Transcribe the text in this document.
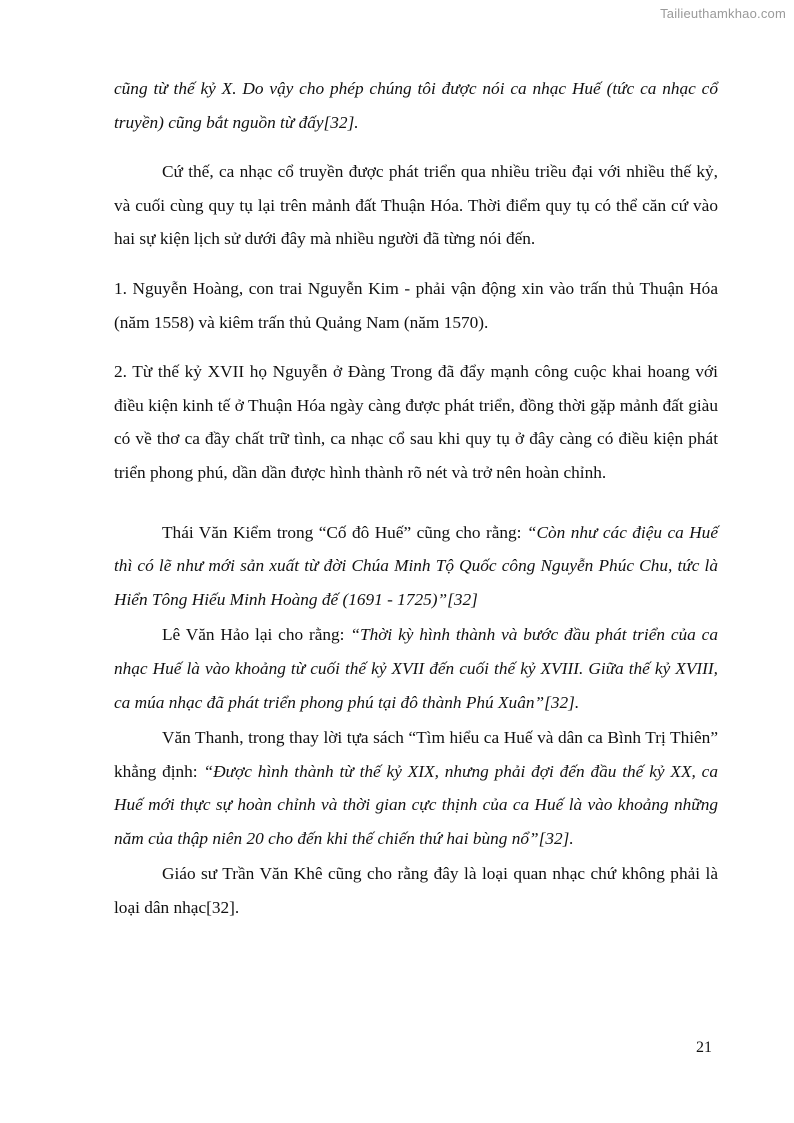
Tailieuthamkhao.com

cũng từ thế kỷ X. Do vậy cho phép chúng tôi được nói ca nhạc Huế (tức ca nhạc cổ truyền) cũng bắt nguồn từ đấy[32].

Cứ thế, ca nhạc cổ truyền được phát triển qua nhiều triều đại với nhiều thế kỷ, và cuối cùng quy tụ lại trên mảnh đất Thuận Hóa. Thời điểm quy tụ có thể căn cứ vào hai sự kiện lịch sử dưới đây mà nhiều người đã từng nói đến.

1. Nguyễn Hoàng, con trai Nguyễn Kim - phải vận động xin vào trấn thủ Thuận Hóa (năm 1558) và kiêm trấn thủ Quảng Nam (năm 1570).

2. Từ thế kỷ XVII họ Nguyễn ở Đàng Trong đã đẩy mạnh công cuộc khai hoang với điều kiện kinh tế ở Thuận Hóa ngày càng được phát triển, đồng thời gặp mảnh đất giàu có về thơ ca đầy chất trữ tình, ca nhạc cổ sau khi quy tụ ở đây càng có điều kiện phát triển phong phú, dần dần được hình thành rõ nét và trở nên hoàn chỉnh.

Thái Văn Kiểm trong “Cố đô Huế” cũng cho rằng: “Còn như các điệu ca Huế thì có lẽ như mới sản xuất từ đời Chúa Minh Tộ Quốc công Nguyễn Phúc Chu, tức là Hiển Tông Hiếu Minh Hoàng đế (1691 - 1725)”[32]

Lê Văn Hảo lại cho rằng: “Thời kỳ hình thành và bước đầu phát triển của ca nhạc Huế là vào khoảng từ cuối thế kỷ XVII đến cuối thế kỷ XVIII. Giữa thế kỷ XVIII, ca múa nhạc đã phát triển phong phú tại đô thành Phú Xuân”[32].

Văn Thanh, trong thay lời tựa sách “Tìm hiểu ca Huế và dân ca Bình Trị Thiên” khẳng định: “Được hình thành từ thế kỷ XIX, nhưng phải đợi đến đầu thế kỷ XX, ca Huế mới thực sự hoàn chỉnh và thời gian cực thịnh của ca Huế là vào khoảng những năm của thập niên 20 cho đến khi thế chiến thứ hai bùng nổ”[32].

Giáo sư Trần Văn Khê cũng cho rằng đây là loại quan nhạc chứ không phải là loại dân nhạc[32].

21
